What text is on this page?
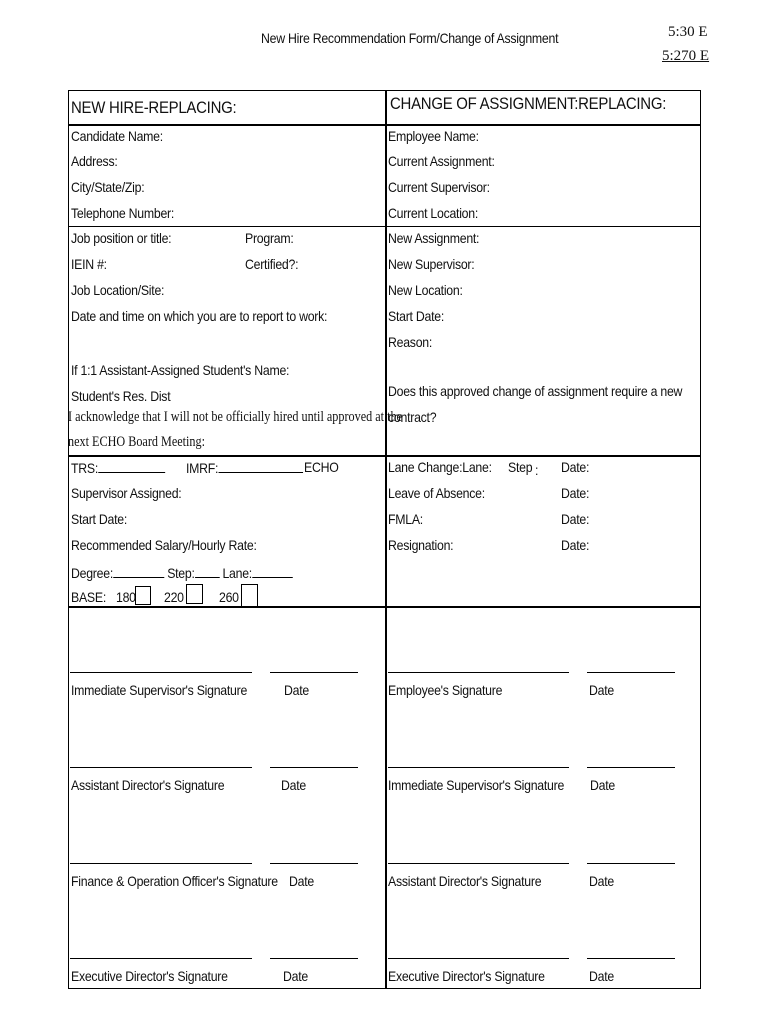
New Hire Recommendation Form/Change of Assignment	5:30 E
5:270 E
NEW HIRE-REPLACING:
Candidate Name:
Address:
City/State/Zip:
Telephone Number:
Job position or title:	Program:
IEIN #:	Certified?:
Job Location/Site:
Date and time on which you are to report to work:
If 1:1 Assistant-Assigned Student's Name:
Student's Res. Dist
I acknowledge that I will not be officially hired until approved at the
next ECHO Board Meeting:
TRS:	IMRF:	ECHO
Supervisor Assigned:
Start Date:
Recommended Salary/Hourly Rate:
Degree:	Step: Lane:
BASE: 180 220	260
CHANGE OF ASSIGNMENT:REPLACING:
Employee Name:
Current Assignment:
Current Supervisor:
Current Location:
New Assignment:
New Supervisor:
New Location:
Start Date:
Reason:
Does this approved change of assignment require a new
contract?
Lane Change:Lane: Step : Date:
Leave of Absence:	Date:
FMLA:	Date:
Resignation:	Date:
Immediate Supervisor's Signature	Date	Employee's Signature	Date
Assistant Director's Signature	Date	Immediate Supervisor's Signature Date
Finance & Operation Officer's Signature Date	Assistant Director's Signature	Date
Executive Director's Signature	Date	Executive Director's Signature	Date
